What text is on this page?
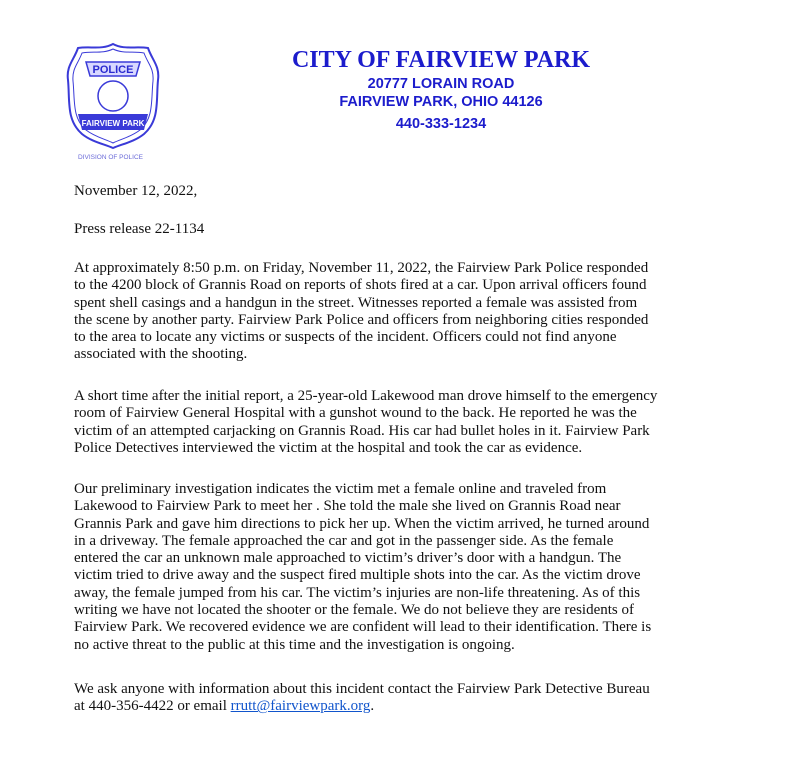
POLICE
FAIRVIEW PARK
DIVISION OF POLICE
CITY OF FAIRVIEW PARK
20777 LORAIN ROAD
FAIRVIEW PARK, OHIO 44126
440-333-1234
November 12, 2022,
Press release 22-1134
At approximately 8:50 p.m. on Friday, November 11, 2022, the Fairview Park Police responded
to the 4200 block of Grannis Road on reports of shots fired at a car. Upon arrival officers found
spent shell casings and a handgun in the street. Witnesses reported a female was assisted from
the scene by another party. Fairview Park Police and officers from neighboring cities responded
to the area to locate any victims or suspects of the incident. Officers could not find anyone
associated with the shooting.
A short time after the initial report, a 25-year-old Lakewood man drove himself to the emergency
room of Fairview General Hospital with a gunshot wound to the back. He reported he was the
victim of an attempted carjacking on Grannis Road. His car had bullet holes in it. Fairview Park
Police Detectives interviewed the victim at the hospital and took the car as evidence.
Our preliminary investigation indicates the victim met a female online and traveled from
Lakewood to Fairview Park to meet her . She told the male she lived on Grannis Road near
Grannis Park and gave him directions to pick her up. When the victim arrived, he turned around
in a driveway. The female approached the car and got in the passenger side. As the female
entered the car an unknown male approached to victim’s driver’s door with a handgun. The
victim tried to drive away and the suspect fired multiple shots into the car. As the victim drove
away, the female jumped from his car. The victim’s injuries are non-life threatening. As of this
writing we have not located the shooter or the female. We do not believe they are residents of
Fairview Park. We recovered evidence we are confident will lead to their identification. There is
no active threat to the public at this time and the investigation is ongoing.
We ask anyone with information about this incident contact the Fairview Park Detective Bureau
at 440-356-4422 or email rrutt@fairviewpark.org.
